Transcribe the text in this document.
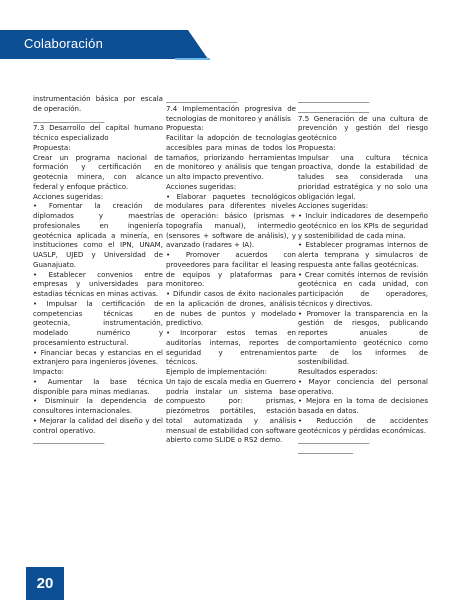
Colaboración

instrumentación básica por escala de operación.

______________________

7.3 Desarrollo del capital humano técnico especializado

Propuesta:

Crear un programa nacional de formación y certificación en geotecnia minera, con alcance federal y enfoque práctico.

Acciones sugeridas:

• Fomentar la creación de diplomados y maestrías profesionales en ingeniería geotécnica aplicada a minería, en instituciones como el IPN, UNAM, UASLP, UJED y Universidad de Guanajuato.

• Establecer convenios entre empresas y universidades para estadías técnicas en minas activas.

• Impulsar la certificación de competencias técnicas en geotecnia, instrumentación, modelado numérico y procesamiento estructural.

• Financiar becas y estancias en el extranjero para ingenieros jóvenes.

Impacto:

• Aumentar la base técnica disponible para minas medianas.

• Disminuir la dependencia de consultores internacionales.

• Mejorar la calidad del diseño y del control operativo.

______________________

______________________

7.4 Implementación progresiva de tecnologías de monitoreo y análisis

Propuesta:

Facilitar la adopción de tecnologías accesibles para minas de todos los tamaños, priorizando herramientas de monitoreo y análisis que tengan un alto impacto preventivo.

Acciones sugeridas:

• Elaborar paquetes tecnológicos modulares para diferentes niveles de operación: básico (prismas + topografía manual), intermedio (sensores + software de análisis), y avanzado (radares + IA).

• Promover acuerdos con proveedores para facilitar el leasing de equipos y plataformas para monitoreo.

• Difundir casos de éxito nacionales en la aplicación de drones, análisis de nubes de puntos y modelado predictivo.

• Incorporar estos temas en auditorías internas, reportes de seguridad y entrenamientos técnicos.

Ejemplo de implementación:

Un tajo de escala media en Guerrero podría instalar un sistema base compuesto por: prismas, piezómetros portátiles, estación total automatizada y análisis mensual de estabilidad con software abierto como SLIDE o RS2 demo.

______________________

______________________

7.5 Generación de una cultura de prevención y gestión del riesgo geotécnico

Propuesta:

Impulsar una cultura técnica proactiva, donde la estabilidad de taludes sea considerada una prioridad estratégica y no solo una obligación legal.

Acciones sugeridas:

• Incluir indicadores de desempeño geotécnico en los KPIs de seguridad y sostenibilidad de cada mina.

• Establecer programas internos de alerta temprana y simulacros de respuesta ante fallas geotécnicas.

• Crear comités internos de revisión geotécnica en cada unidad, con participación de operadores, técnicos y directivos.

• Promover la transparencia en la gestión de riesgos, publicando reportes anuales de comportamiento geotécnico como parte de los informes de sostenibilidad.

Resultados esperados:

• Mayor conciencia del personal operativo.

• Mejora en la toma de decisiones basada en datos.

• Reducción de accidentes geotécnicos y pérdidas económicas.

______________________

_________________

20
